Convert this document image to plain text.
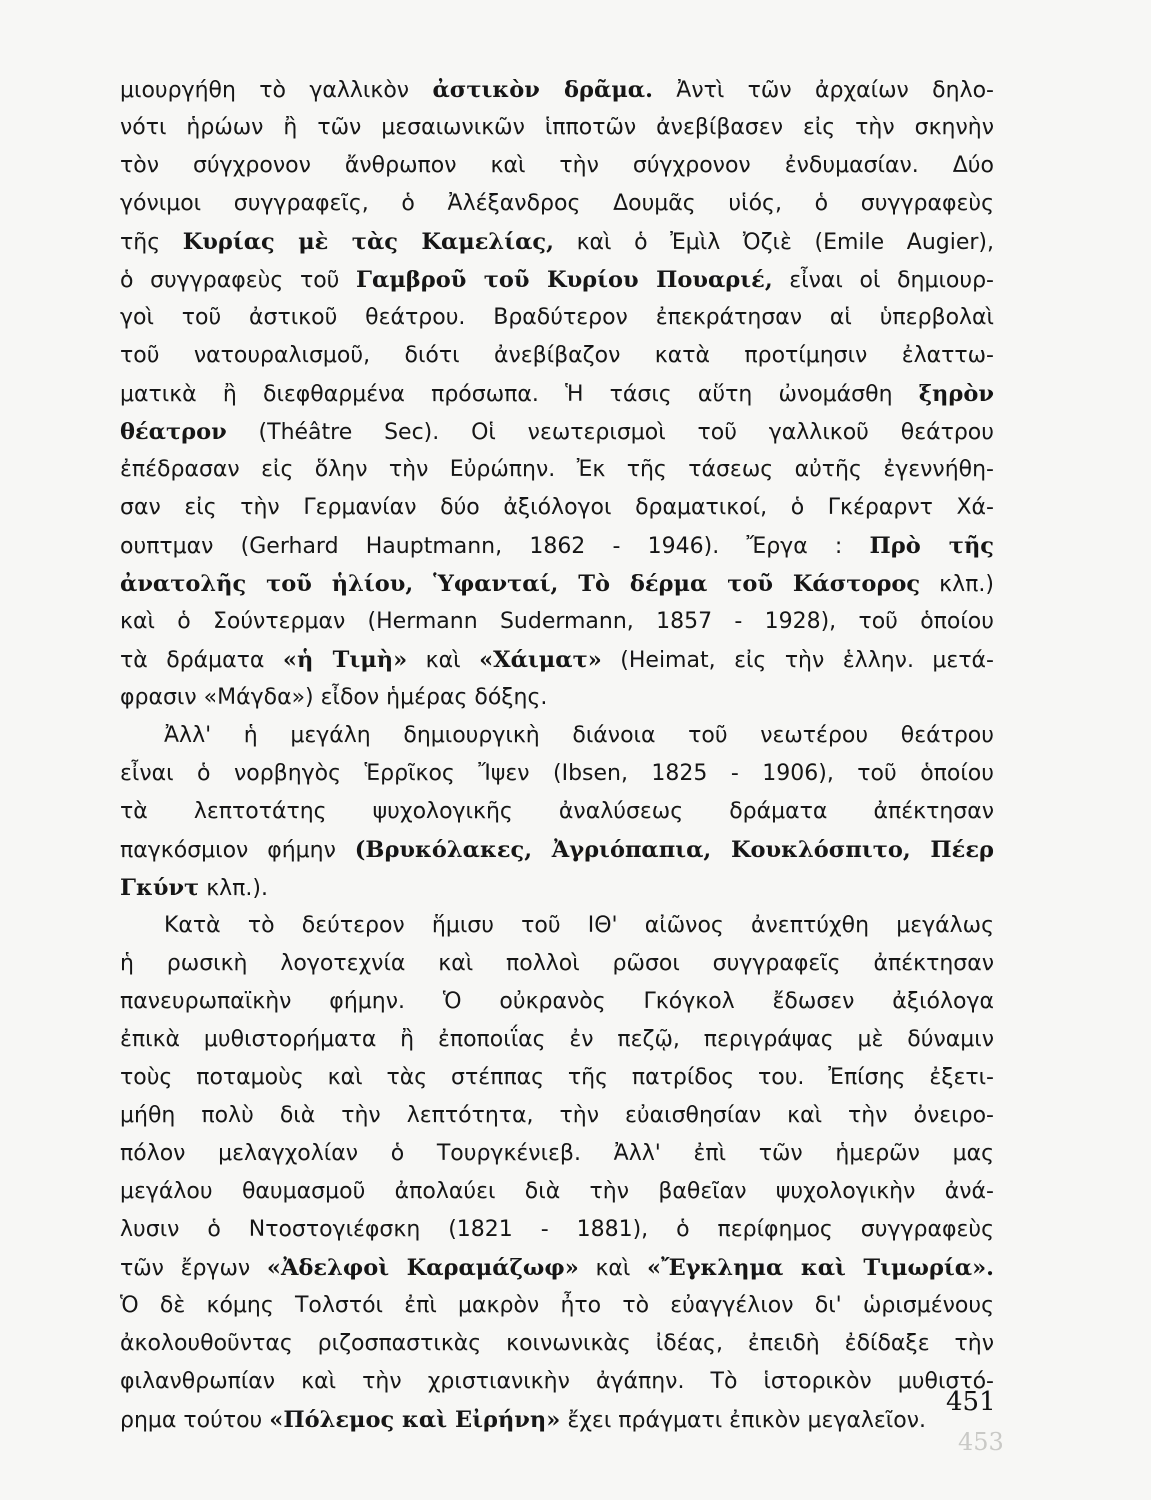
453
μιουργήθη τὸ γαλλικὸν ἀστικὸν δρᾶμα. Ἀντὶ τῶν ἀρχαίων δηλο-
νότι ἡρώων ἢ τῶν μεσαιωνικῶν ἱπποτῶν ἀνεβίβασεν εἰς τὴν σκηνὴν
τὸν σύγχρονον ἄνθρωπον καὶ τὴν σύγχρονον ἐνδυμασίαν. Δύο
γόνιμοι συγγραφεῖς, ὁ Ἀλέξανδρος Δουμᾶς υἱός, ὁ συγγραφεὺς
τῆς Κυρίας μὲ τὰς Καμελίας, καὶ ὁ Ἐμὶλ Ὀζιὲ (Emile Augier),
ὁ συγγραφεὺς τοῦ Γαμβροῦ τοῦ Κυρίου Πουαριέ, εἶναι οἱ δημιουρ-
γοὶ τοῦ ἀστικοῦ θεάτρου. Βραδύτερον ἐπεκράτησαν αἱ ὑπερβολαὶ
τοῦ νατουραλισμοῦ, διότι ἀνεβίβαζον κατὰ προτίμησιν ἐλαττω-
ματικὰ ἢ διεφθαρμένα πρόσωπα. Ἡ τάσις αὕτη ὠνομάσθη ξηρὸν
θέατρον (Théâtre Sec). Οἱ νεωτερισμοὶ τοῦ γαλλικοῦ θεάτρου
ἐπέδρασαν εἰς ὅλην τὴν Εὐρώπην. Ἐκ τῆς τάσεως αὐτῆς ἐγεννήθη-
σαν εἰς τὴν Γερμανίαν δύο ἀξιόλογοι δραματικοί, ὁ Γκέραρντ Χά-
ουπτμαν (Gerhard Hauptmann, 1862 - 1946). Ἔργα : Πρὸ τῆς
ἀνατολῆς τοῦ ἡλίου, Ὑφανταί, Τὸ δέρμα τοῦ Κάστορος κλπ.)
καὶ ὁ Σούντερμαν (Hermann Sudermann, 1857 - 1928), τοῦ ὁποίου
τὰ δράματα «ἡ Τιμὴ» καὶ «Χάιματ» (Heimat, εἰς τὴν ἑλλην. μετά-
φρασιν «Μάγδα») εἶδον ἡμέρας δόξης.
Ἀλλ' ἡ μεγάλη δημιουργικὴ διάνοια τοῦ νεωτέρου θεάτρου
εἶναι ὁ νορβηγὸς Ἑρρῖκος Ἴψεν (Ibsen, 1825 - 1906), τοῦ ὁποίου
τὰ λεπτοτάτης ψυχολογικῆς ἀναλύσεως δράματα ἀπέκτησαν
παγκόσμιον φήμην (Βρυκόλακες, Ἀγριόπαπια, Κουκλόσπιτο, Πέερ
Γκύντ κλπ.).
Κατὰ τὸ δεύτερον ἥμισυ τοῦ ΙΘ' αἰῶνος ἀνεπτύχθη μεγάλως
ἡ ρωσικὴ λογοτεχνία καὶ πολλοὶ ρῶσοι συγγραφεῖς ἀπέκτησαν
πανευρωπαϊκὴν φήμην. Ὁ οὐκρανὸς Γκόγκολ ἔδωσεν ἀξιόλογα
ἐπικὰ μυθιστορήματα ἢ ἐποποιΐας ἐν πεζῷ, περιγράψας μὲ δύναμιν
τοὺς ποταμοὺς καὶ τὰς στέππας τῆς πατρίδος του. Ἐπίσης ἐξετι-
μήθη πολὺ διὰ τὴν λεπτότητα, τὴν εὐαισθησίαν καὶ τὴν ὀνειρο-
πόλον μελαγχολίαν ὁ Τουργκένιεβ. Ἀλλ' ἐπὶ τῶν ἡμερῶν μας
μεγάλου θαυμασμοῦ ἀπολαύει διὰ τὴν βαθεῖαν ψυχολογικὴν ἀνά-
λυσιν ὁ Ντοστογιέφσκη (1821 - 1881), ὁ περίφημος συγγραφεὺς
τῶν ἔργων «Ἀδελφοὶ Καραμάζωφ» καὶ «Ἔγκλημα καὶ Τιμωρία».
Ὁ δὲ κόμης Τολστόι ἐπὶ μακρὸν ἦτο τὸ εὐαγγέλιον δι' ὡρισμένους
ἀκολουθοῦντας ριζοσπαστικὰς κοινωνικὰς ἰδέας, ἐπειδὴ ἐδίδαξε τὴν
φιλανθρωπίαν καὶ τὴν χριστιανικὴν ἀγάπην. Τὸ ἱστορικὸν μυθιστό-
ρημα τούτου «Πόλεμος καὶ Εἰρήνη» ἔχει πράγματι ἐπικὸν μεγαλεῖον.
451
